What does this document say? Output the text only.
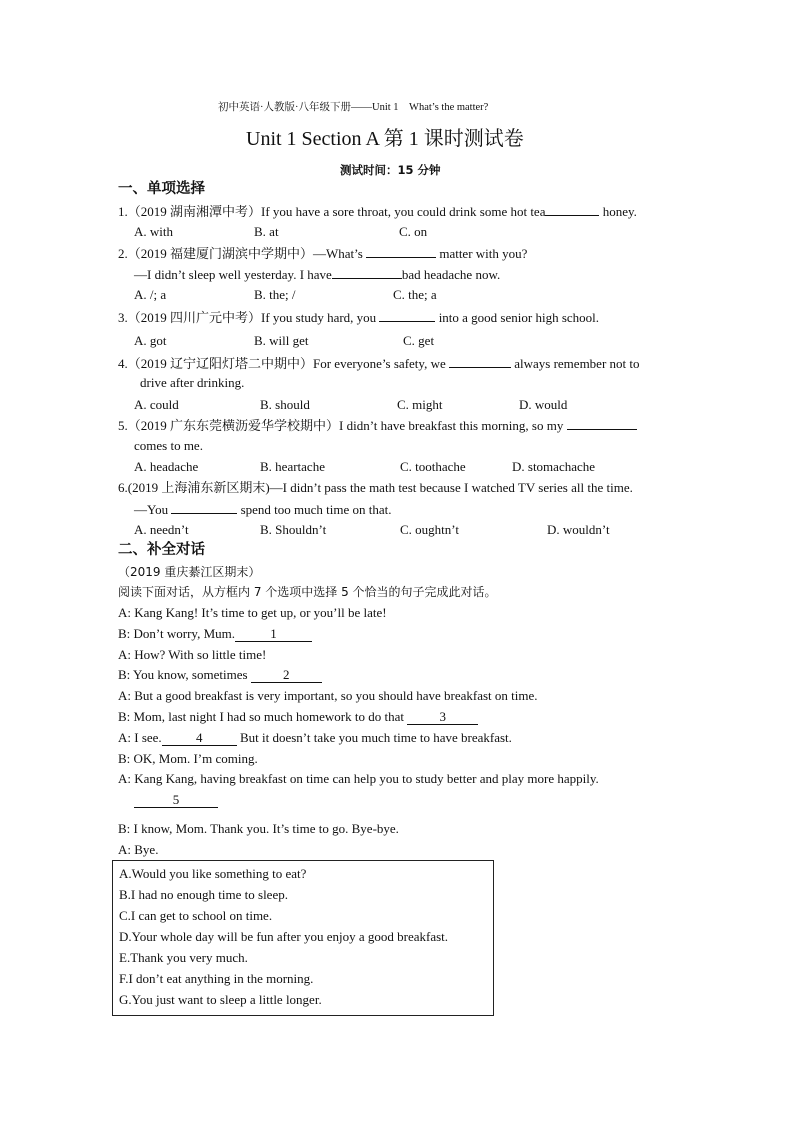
初中英语·人教版·八年级下册——Unit 1　What’s the matter?
Unit 1 Section A 第 1 课时测试卷
测试时间：15 分钟
一、单项选择
1.（2019 湖南湘潭中考）If you have a sore throat, you could drink some hot tea	honey.
A. with	B. at	C. on
2.（2019 福建厦门湖滨中学期中）—What’s	matter with you?
—I didn’t sleep well yesterday. I have	bad headache now.
A. /; a	B. the; /	C. the; a
3.（2019 四川广元中考）If you study hard, you	into a good senior high school.
A. got	B. will get	C. get
4.（2019 辽宁辽阳灯塔二中期中）For everyone’s safety, we	always remember not to
drive after drinking.
A. could	B. should	C. might	D. would
5.（2019 广东东莞横沥爱华学校期中）I didn’t have breakfast this morning, so my
comes to me.
A. headache	B. heartache	C. toothache	D. stomachache
6.(2019 上海浦东新区期末)—I didn’t pass the math test because I watched TV series all the time.
—You	spend too much time on that.
A. needn’t	B. Shouldn’t	C. oughtn’t	D. wouldn’t
二、补全对话
（2019 重庆綦江区期末）
阅读下面对话，从方框内 7 个选项中选择 5 个恰当的句子完成此对话。
A: Kang Kang! It’s time to get up, or you’ll be late!
B: Don’t worry, Mum.	1
A: How? With so little time!
B: You know, sometimes 2
A: But a good breakfast is very important, so you should have breakfast on time.
B: Mom, last night I had so much homework to do that 3
A: I see.	4	But it doesn’t take you much time to have breakfast.
B: OK, Mom. I’m coming.
A: Kang Kang, having breakfast on time can help you to study better and play more happily.
5
B: I know, Mom. Thank you. It’s time to go. Bye-bye.
A: Bye.
A.Would you like something to eat?
B.I had no enough time to sleep.
C.I can get to school on time.
D.Your whole day will be fun after you enjoy a good breakfast.
E.Thank you very much.
F.I don’t eat anything in the morning.
G.You just want to sleep a little longer.
